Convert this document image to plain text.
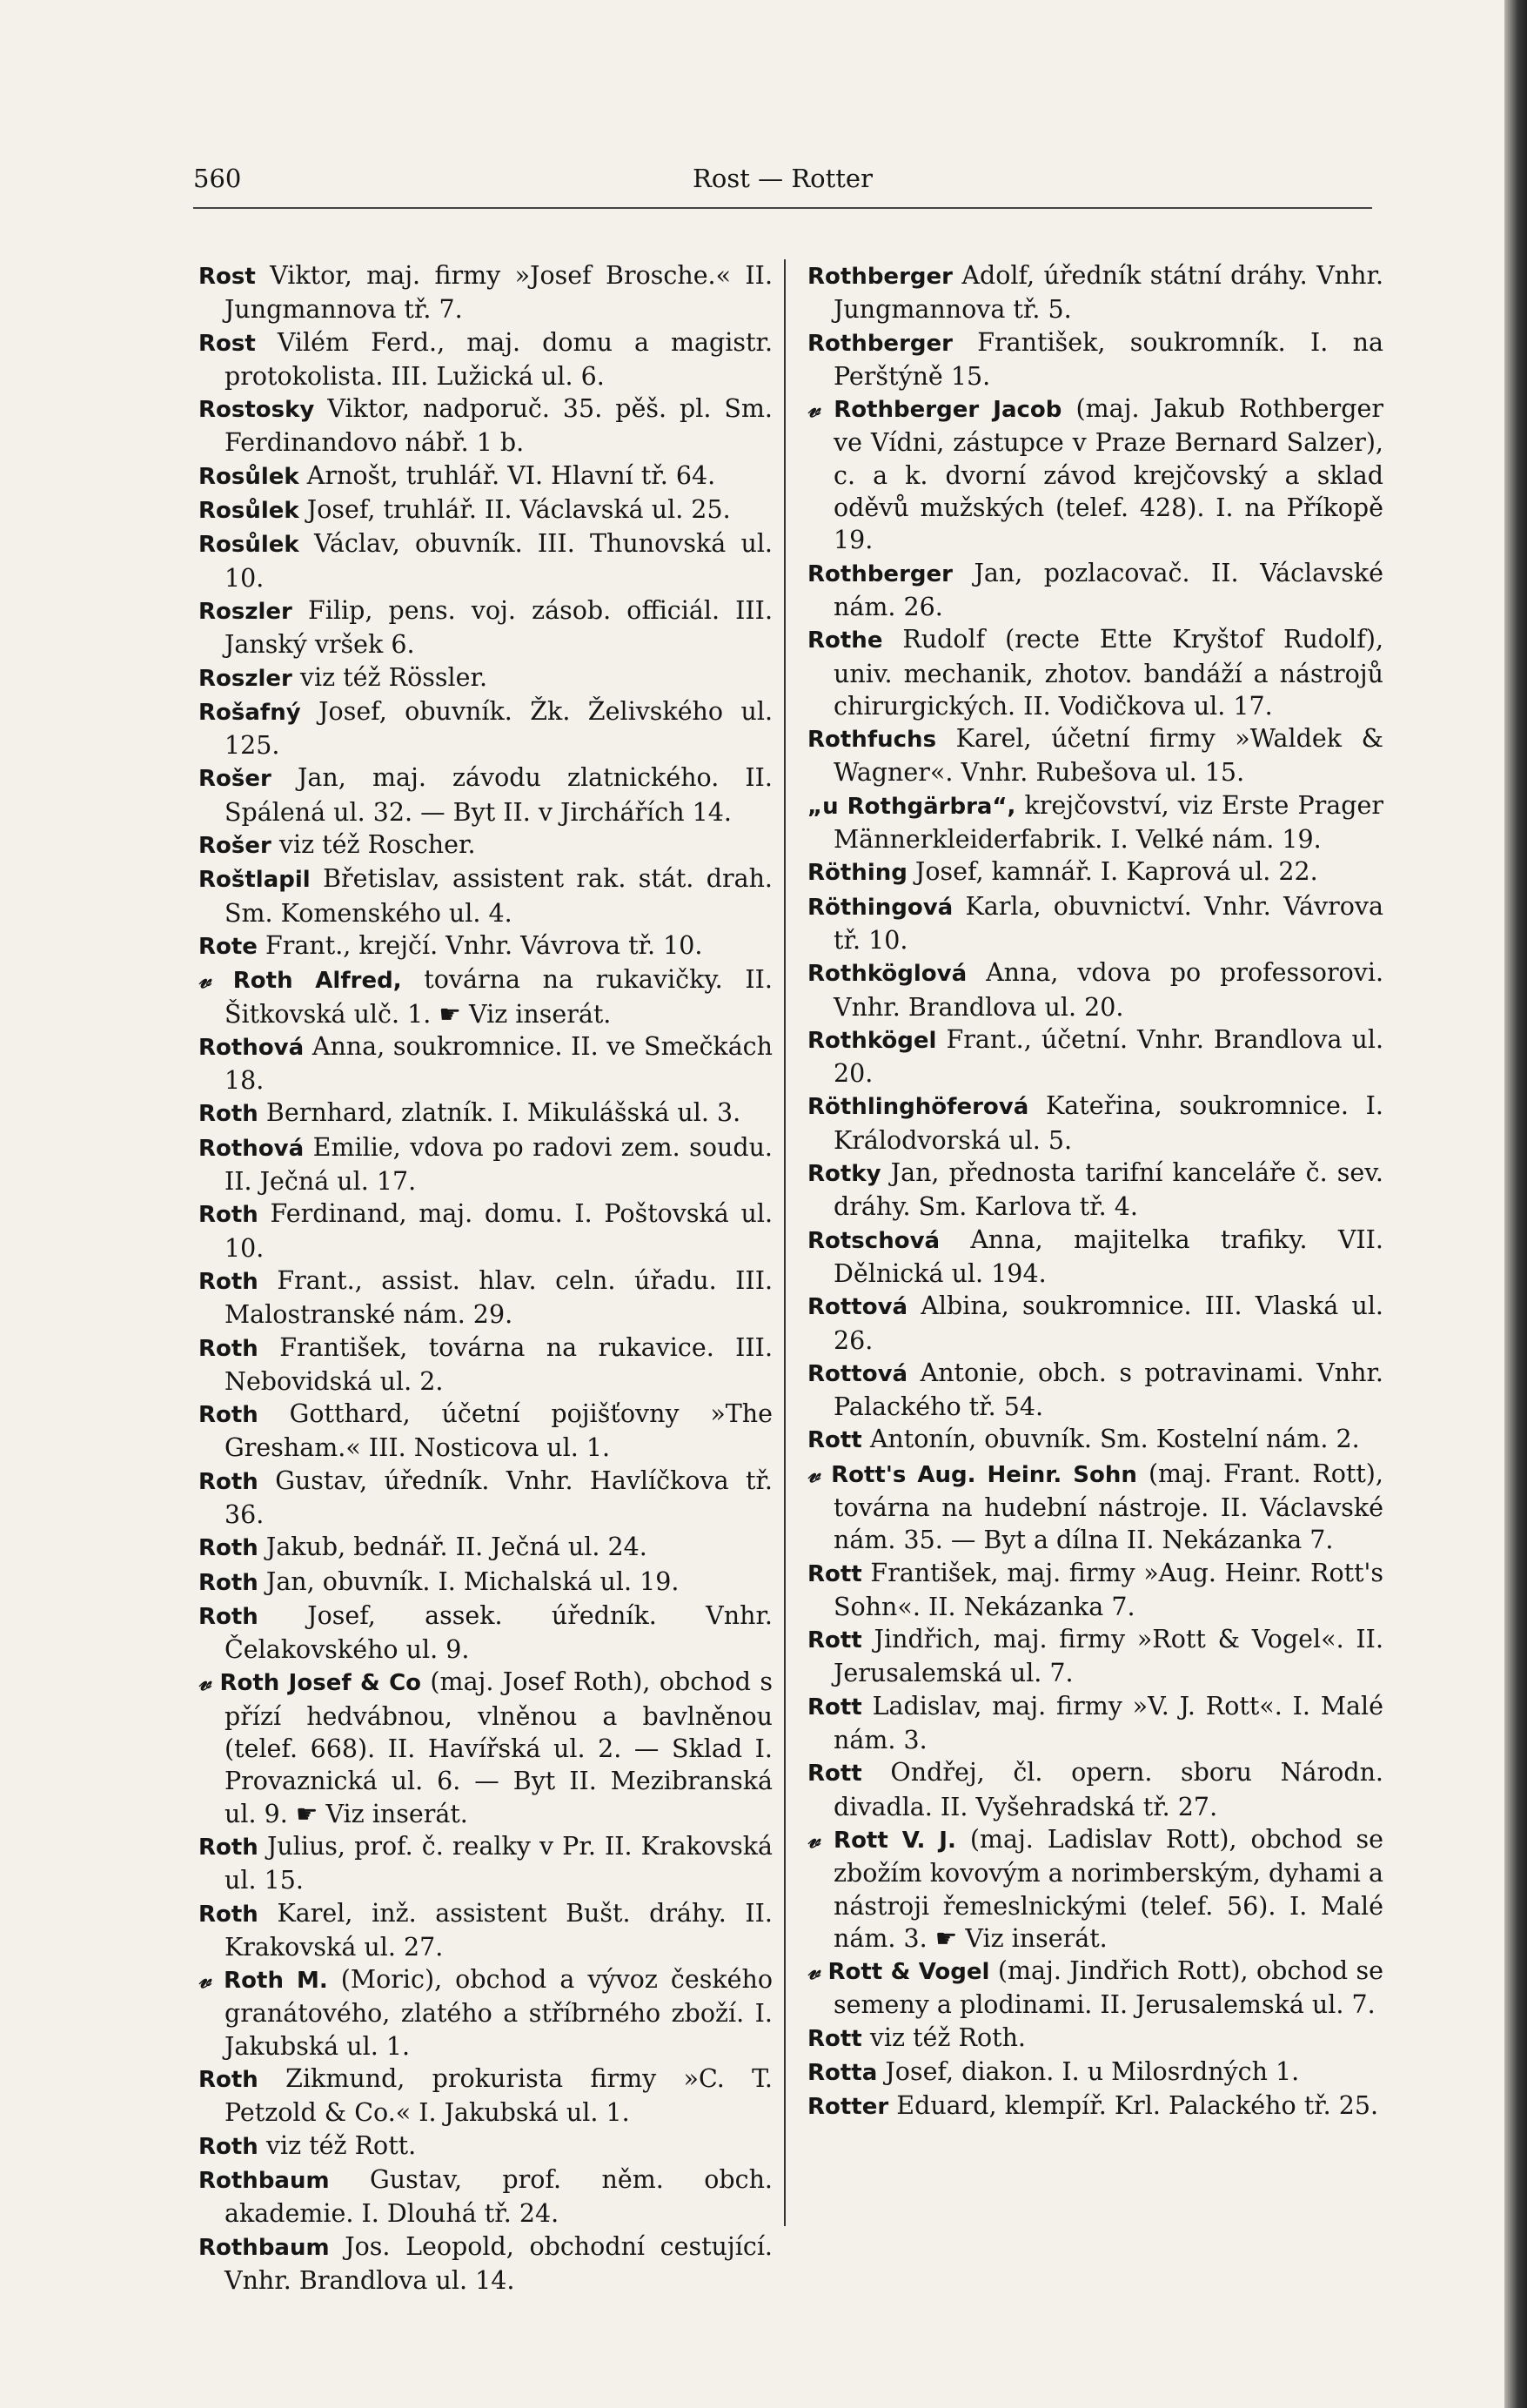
560	Rost — Rotter

Rost Viktor, maj. firmy »Josef Brosche.« II. Jungmannova tř. 7.

Rost Vilém Ferd., maj. domu a magistr. protokolista. III. Lužická ul. 6.

Rostosky Viktor, nadporuč. 35. pěš. pl. Sm. Ferdinandovo nábř. 1 b.

Rosůlek Arnošt, truhlář. VI. Hlavní tř. 64.

Rosůlek Josef, truhlář. II. Václavská ul. 25.

Rosůlek Václav, obuvník. III. Thunovská ul. 10.

Roszler Filip, pens. voj. zásob. officiál. III. Janský vršek 6.

Roszler viz též Rössler.

Rošafný Josef, obuvník. Žk. Želivského ul. 125.

Rošer Jan, maj. závodu zlatnického. II. Spálená ul. 32. — Byt II. v Jirchářích 14.

Rošer viz též Roscher.

Roštlapil Břetislav, assistent rak. stát. drah. Sm. Komenského ul. 4.

Rote Frant., krejčí. Vnhr. Vávrova tř. 10.

𝓋 Roth Alfred, továrna na rukavičky. II. Šitkovská ulč. 1. ☛ Viz inserát.

Rothová Anna, soukromnice. II. ve Smečkách 18.

Roth Bernhard, zlatník. I. Mikulášská ul. 3.

Rothová Emilie, vdova po radovi zem. soudu. II. Ječná ul. 17.

Roth Ferdinand, maj. domu. I. Poštovská ul. 10.

Roth Frant., assist. hlav. celn. úřadu. III. Malostranské nám. 29.

Roth František, továrna na rukavice. III. Nebovidská ul. 2.

Roth Gotthard, účetní pojišťovny »The Gresham.« III. Nosticova ul. 1.

Roth Gustav, úředník. Vnhr. Havlíčkova tř. 36.

Roth Jakub, bednář. II. Ječná ul. 24.

Roth Jan, obuvník. I. Michalská ul. 19.

Roth Josef, assek. úředník. Vnhr. Čelakovského ul. 9.

𝓋 Roth Josef & Co (maj. Josef Roth), obchod s přízí hedvábnou, vlněnou a bavlněnou (telef. 668). II. Havířská ul. 2. — Sklad I. Provaznická ul. 6. — Byt II. Mezibranská ul. 9. ☛ Viz inserát.

Roth Julius, prof. č. realky v Pr. II. Krakovská ul. 15.

Roth Karel, inž. assistent Bušt. dráhy. II. Krakovská ul. 27.

𝓋 Roth M. (Moric), obchod a vývoz českého granátového, zlatého a stříbrného zboží. I. Jakubská ul. 1.

Roth Zikmund, prokurista firmy »C. T. Petzold & Co.« I. Jakubská ul. 1.

Roth viz též Rott.

Rothbaum Gustav, prof. něm. obch. akademie. I. Dlouhá tř. 24.

Rothbaum Jos. Leopold, obchodní cestující. Vnhr. Brandlova ul. 14.

Rothberger Adolf, úředník státní dráhy. Vnhr. Jungmannova tř. 5.

Rothberger František, soukromník. I. na Perštýně 15.

𝓋 Rothberger Jacob (maj. Jakub Rothberger ve Vídni, zástupce v Praze Bernard Salzer), c. a k. dvorní závod krejčovský a sklad oděvů mužských (telef. 428). I. na Příkopě 19.

Rothberger Jan, pozlacovač. II. Václavské nám. 26.

Rothe Rudolf (recte Ette Kryštof Rudolf), univ. mechanik, zhotov. bandáží a nástrojů chirurgických. II. Vodičkova ul. 17.

Rothfuchs Karel, účetní firmy »Waldek & Wagner«. Vnhr. Rubešova ul. 15.

„u Rothgärbra“, krejčovství, viz Erste Prager Männerkleiderfabrik. I. Velké nám. 19.

Röthing Josef, kamnář. I. Kaprová ul. 22.

Röthingová Karla, obuvnictví. Vnhr. Vávrova tř. 10.

Rothköglová Anna, vdova po professorovi. Vnhr. Brandlova ul. 20.

Rothkögel Frant., účetní. Vnhr. Brandlova ul. 20.

Röthlinghöferová Kateřina, soukromnice. I. Králodvorská ul. 5.

Rotky Jan, přednosta tarifní kanceláře č. sev. dráhy. Sm. Karlova tř. 4.

Rotschová Anna, majitelka trafiky. VII. Dělnická ul. 194.

Rottová Albina, soukromnice. III. Vlaská ul. 26.

Rottová Antonie, obch. s potravinami. Vnhr. Palackého tř. 54.

Rott Antonín, obuvník. Sm. Kostelní nám. 2.

𝓋 Rott's Aug. Heinr. Sohn (maj. Frant. Rott), továrna na hudební nástroje. II. Václavské nám. 35. — Byt a dílna II. Nekázanka 7.

Rott František, maj. firmy »Aug. Heinr. Rott's Sohn«. II. Nekázanka 7.

Rott Jindřich, maj. firmy »Rott & Vogel«. II. Jerusalemská ul. 7.

Rott Ladislav, maj. firmy »V. J. Rott«. I. Malé nám. 3.

Rott Ondřej, čl. opern. sboru Národn. divadla. II. Vyšehradská tř. 27.

𝓋 Rott V. J. (maj. Ladislav Rott), obchod se zbožím kovovým a norimberským, dyhami a nástroji řemeslnickými (telef. 56). I. Malé nám. 3. ☛ Viz inserát.

𝓋 Rott & Vogel (maj. Jindřich Rott), obchod se semeny a plodinami. II. Jerusalemská ul. 7.

Rott viz též Roth.

Rotta Josef, diakon. I. u Milosrdných 1.

Rotter Eduard, klempíř. Krl. Palackého tř. 25.
